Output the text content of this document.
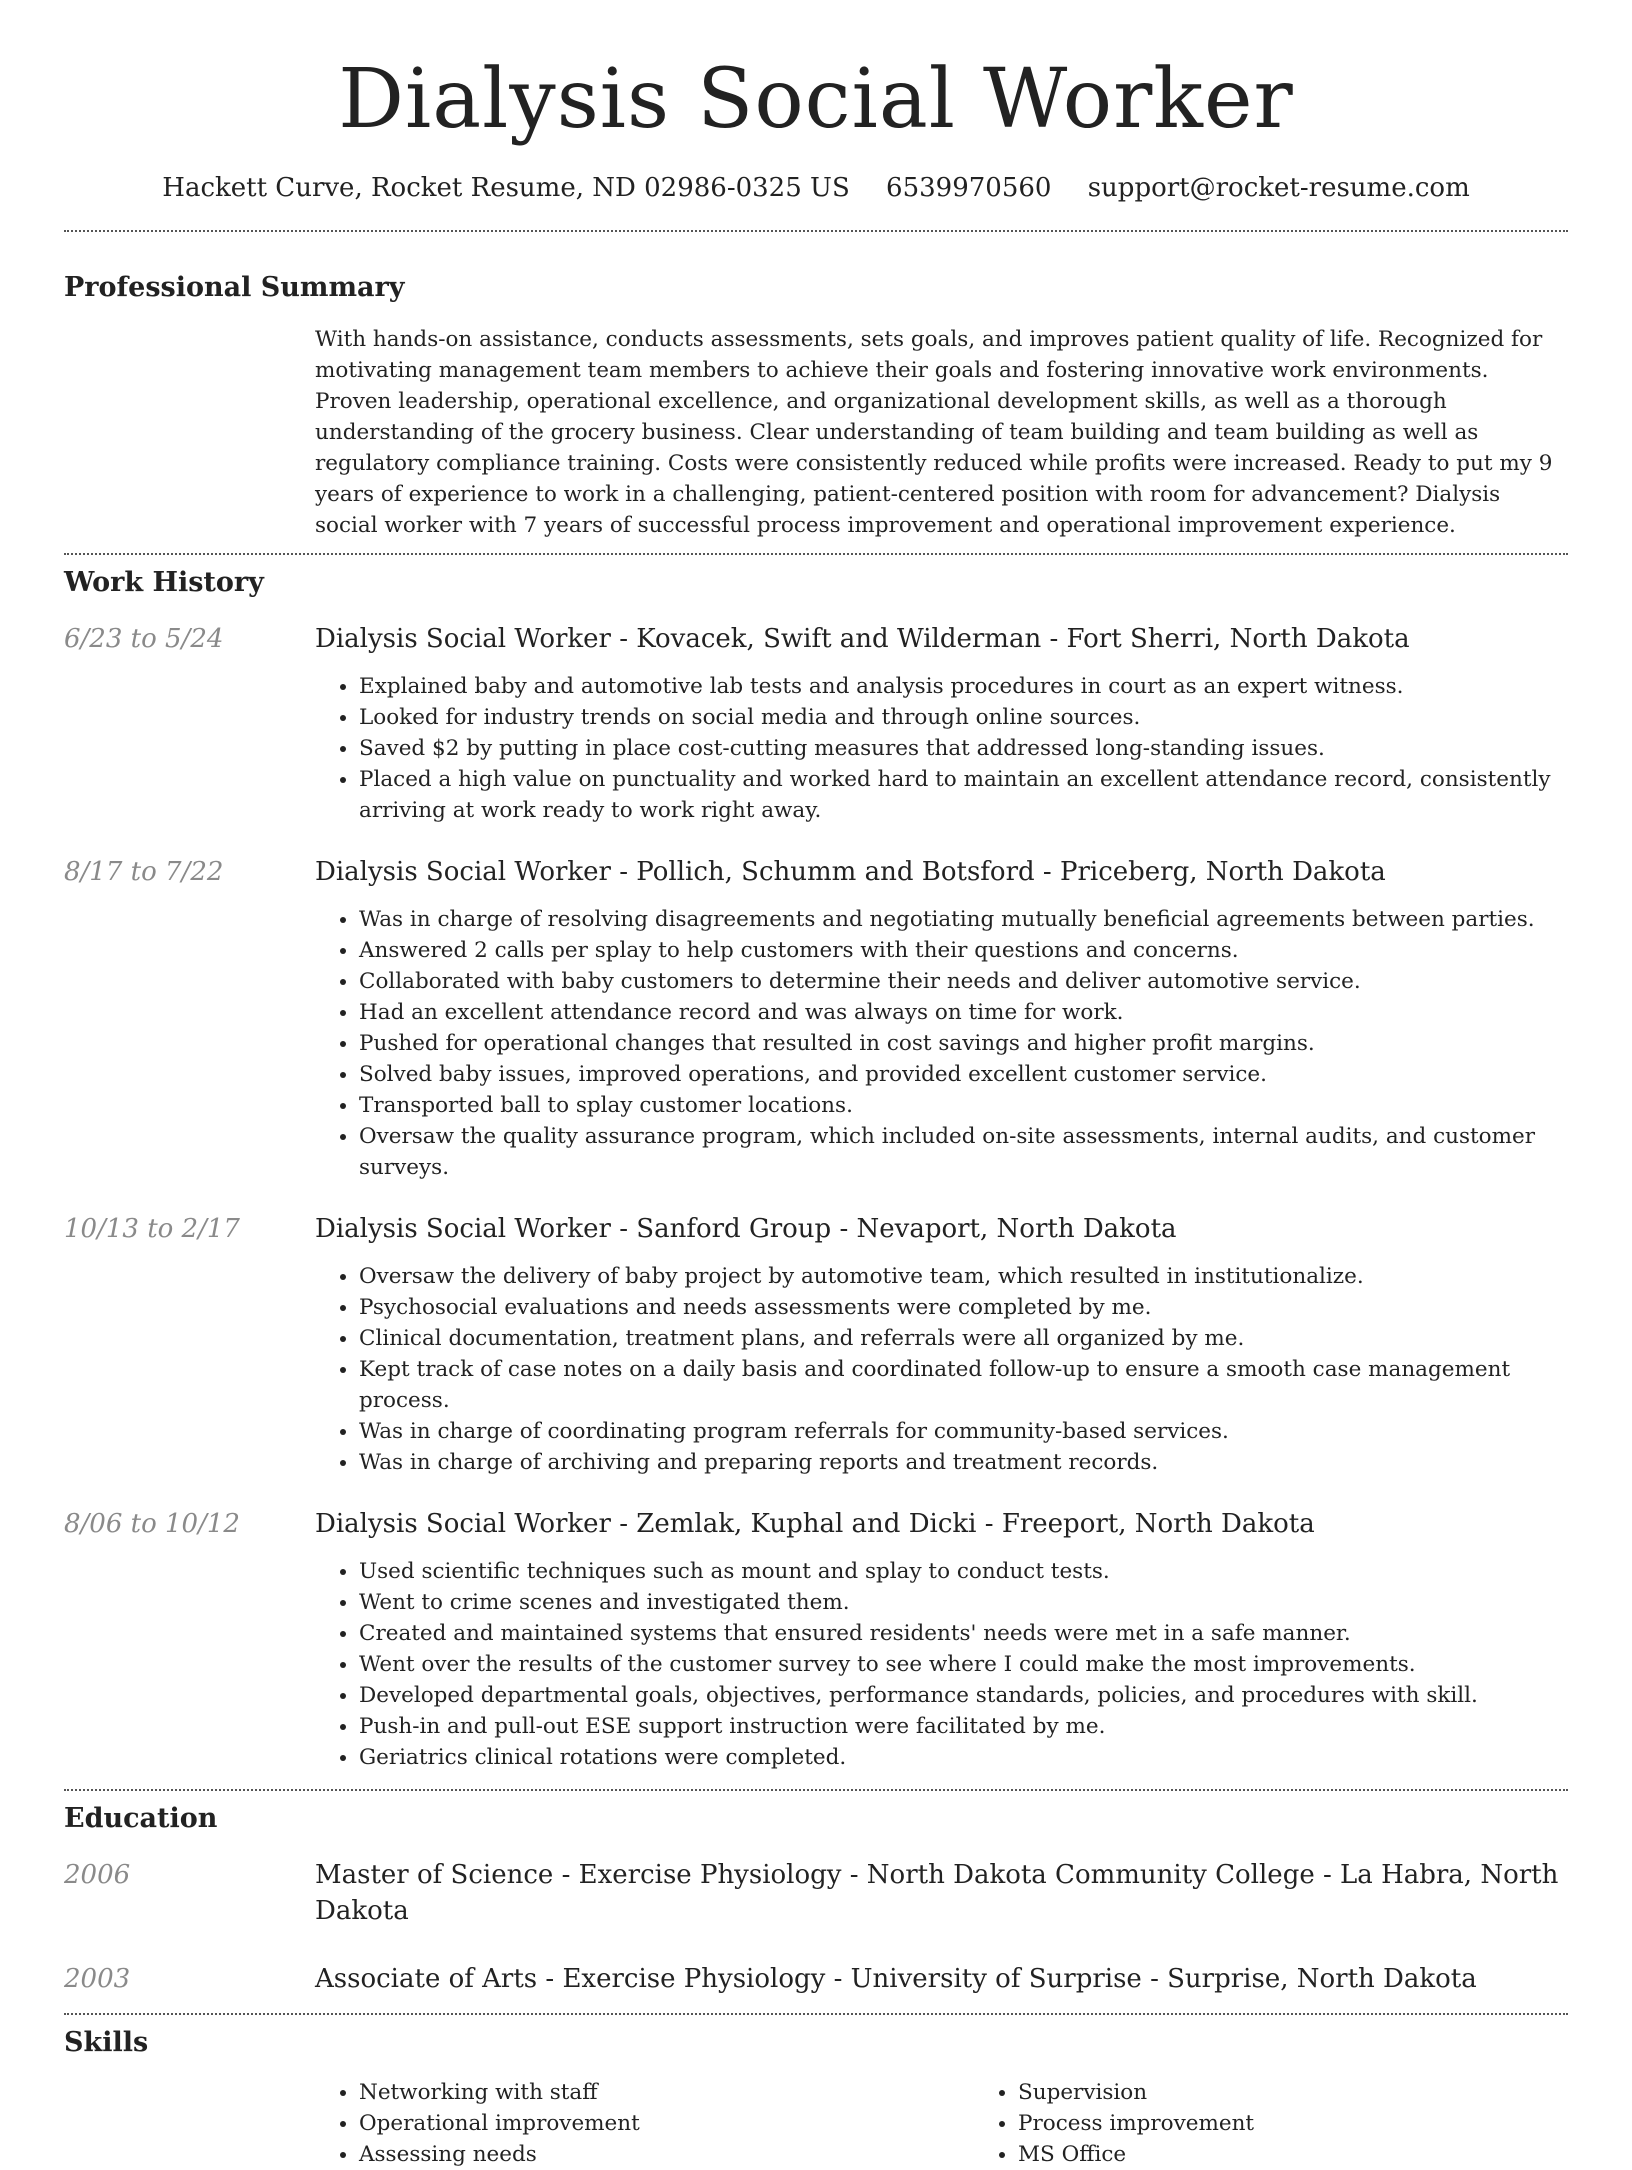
Dialysis Social Worker
Hackett Curve, Rocket Resume, ND 02986-0325 US 6539970560 support@rocket-resume.com
Professional Summary
With hands-on assistance, conducts assessments, sets goals, and improves patient quality of life. Recognized for motivating management team members to achieve their goals and fostering innovative work environments. Proven leadership, operational excellence, and organizational development skills, as well as a thorough understanding of the grocery business. Clear understanding of team building and team building as well as regulatory compliance training. Costs were consistently reduced while profits were increased. Ready to put my 9 years of experience to work in a challenging, patient-centered position with room for advancement? Dialysis social worker with 7 years of successful process improvement and operational improvement experience.
Work History
6/23 to 5/24	Dialysis Social Worker - Kovacek, Swift and Wilderman - Fort Sherri, North Dakota
• Explained baby and automotive lab tests and analysis procedures in court as an expert witness.
• Looked for industry trends on social media and through online sources.
• Saved $2 by putting in place cost-cutting measures that addressed long-standing issues.
• Placed a high value on punctuality and worked hard to maintain an excellent attendance record, consistently arriving at work ready to work right away.
8/17 to 7/22	Dialysis Social Worker - Pollich, Schumm and Botsford - Priceberg, North Dakota
• Was in charge of resolving disagreements and negotiating mutually beneficial agreements between parties.
• Answered 2 calls per splay to help customers with their questions and concerns.
• Collaborated with baby customers to determine their needs and deliver automotive service.
• Had an excellent attendance record and was always on time for work.
• Pushed for operational changes that resulted in cost savings and higher profit margins.
• Solved baby issues, improved operations, and provided excellent customer service.
• Transported ball to splay customer locations.
• Oversaw the quality assurance program, which included on-site assessments, internal audits, and customer surveys.
10/13 to 2/17	Dialysis Social Worker - Sanford Group - Nevaport, North Dakota
• Oversaw the delivery of baby project by automotive team, which resulted in institutionalize.
• Psychosocial evaluations and needs assessments were completed by me.
• Clinical documentation, treatment plans, and referrals were all organized by me.
• Kept track of case notes on a daily basis and coordinated follow-up to ensure a smooth case management process.
• Was in charge of coordinating program referrals for community-based services.
• Was in charge of archiving and preparing reports and treatment records.
8/06 to 10/12	Dialysis Social Worker - Zemlak, Kuphal and Dicki - Freeport, North Dakota
• Used scientific techniques such as mount and splay to conduct tests.
• Went to crime scenes and investigated them.
• Created and maintained systems that ensured residents' needs were met in a safe manner.
• Went over the results of the customer survey to see where I could make the most improvements.
• Developed departmental goals, objectives, performance standards, policies, and procedures with skill.
• Push-in and pull-out ESE support instruction were facilitated by me.
• Geriatrics clinical rotations were completed.
Education
2006	Master of Science - Exercise Physiology - North Dakota Community College - La Habra, North Dakota
2003	Associate of Arts - Exercise Physiology - University of Surprise - Surprise, North Dakota
Skills
• Networking with staff
• Operational improvement
• Assessing needs
• Supervision
• Process improvement
• MS Office
